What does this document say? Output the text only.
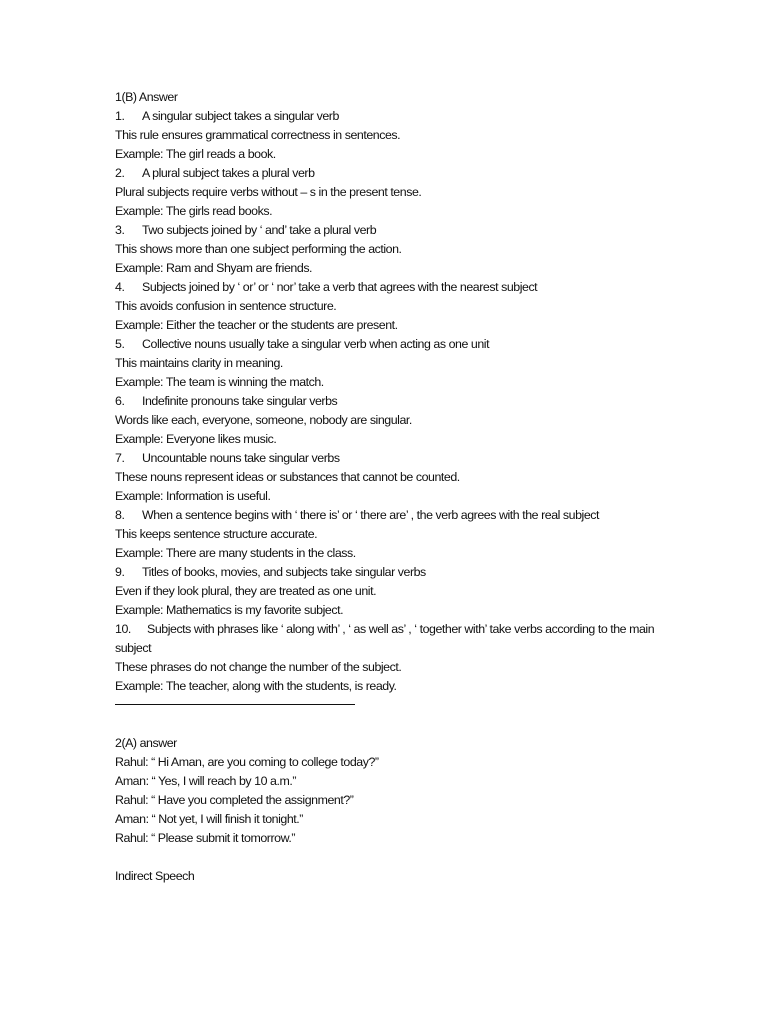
1(B) Answer

1. A singular subject takes a singular verb

This rule ensures grammatical correctness in sentences.

Example: The girl reads a book.

2. A plural subject takes a plural verb

Plural subjects require verbs without – s in the present tense.

Example: The girls read books.

3. Two subjects joined by ‘ and’ take a plural verb

This shows more than one subject performing the action.

Example: Ram and Shyam are friends.

4. Subjects joined by ‘ or’ or ‘ nor’ take a verb that agrees with the nearest subject

This avoids confusion in sentence structure.

Example: Either the teacher or the students are present.

5. Collective nouns usually take a singular verb when acting as one unit

This maintains clarity in meaning.

Example: The team is winning the match.

6. Indefinite pronouns take singular verbs

Words like each, everyone, someone, nobody are singular.

Example: Everyone likes music.

7. Uncountable nouns take singular verbs

These nouns represent ideas or substances that cannot be counted.

Example: Information is useful.

8. When a sentence begins with ‘ there is’ or ‘ there are’ , the verb agrees with the real subject

This keeps sentence structure accurate.

Example: There are many students in the class.

9. Titles of books, movies, and subjects take singular verbs

Even if they look plural, they are treated as one unit.

Example: Mathematics is my favorite subject.

10. Subjects with phrases like ‘ along with’ , ‘ as well as’ , ‘ together with’ take verbs according to the main subject

These phrases do not change the number of the subject.

Example: The teacher, along with the students, is ready.

2(A) answer

Rahul: “ Hi Aman, are you coming to college today?”

Aman: “ Yes, I will reach by 10 a.m.”

Rahul: “ Have you completed the assignment?”

Aman: “ Not yet, I will finish it tonight.”

Rahul: “ Please submit it tomorrow.”

Indirect Speech
